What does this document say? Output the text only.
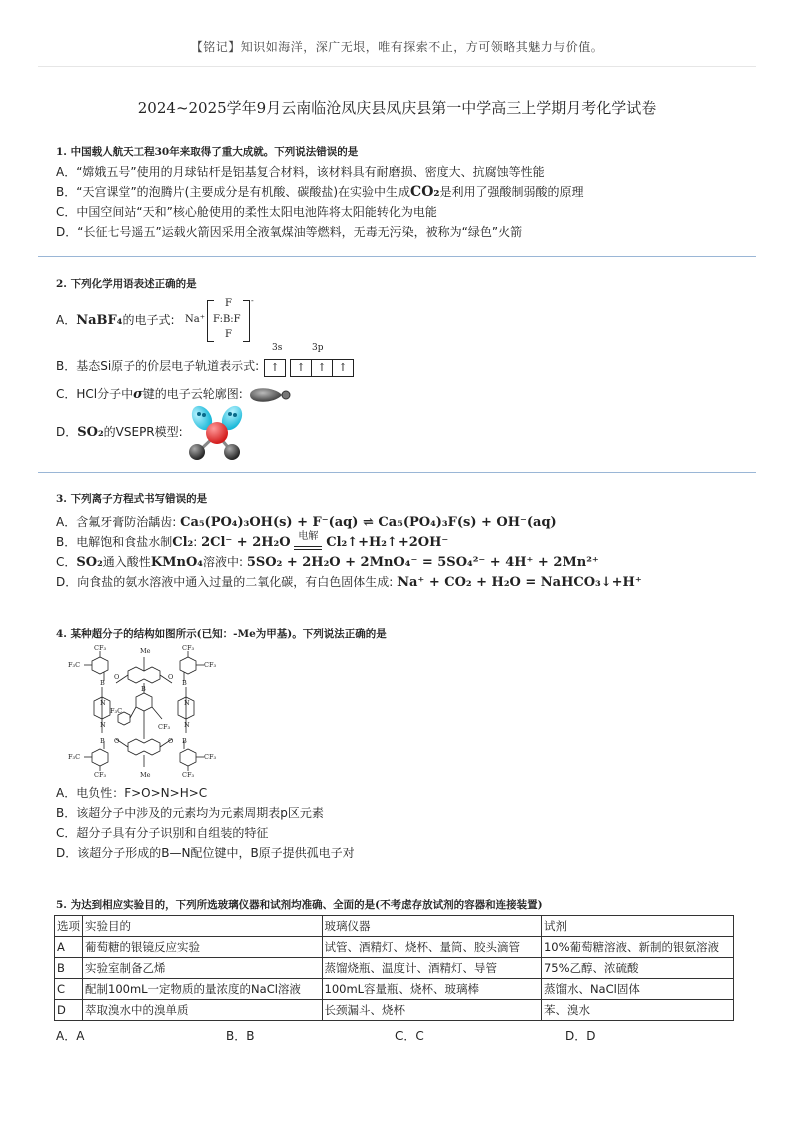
【铭记】知识如海洋，深广无垠，唯有探索不止，方可领略其魅力与价值。
2024~2025学年9月云南临沧凤庆县凤庆县第一中学高三上学期月考化学试卷
1. 中国载人航天工程30年来取得了重大成就。下列说法错误的是
A．“嫦娥五号”使用的月球钻杆是铝基复合材料，该材料具有耐磨损、密度大、抗腐蚀等性能
B．“天宫课堂”的泡腾片(主要成分是有机酸、碳酸盐)在实验中生成CO₂是利用了强酸制弱酸的原理
C．中国空间站“天和”核心舱使用的柔性太阳电池阵将太阳能转化为电能
D．“长征七号遥五”运载火箭因采用全液氧煤油等燃料，无毒无污染，被称为“绿色”火箭
2. 下列化学用语表述正确的是
A．NaBF₄的电子式: Na⁺
F
F:B:F
F
-
B．基态Si原子的价层电子轨道表示式:
3s	3p
↑ ↑ ↑ ↑
C．HCl分子中σ键的电子云轮廓图:
D．SO₂的VSEPR模型:
3. 下列离子方程式书写错误的是
A．含氟牙膏防治龋齿: Ca₅(PO₄)₃OH(s) + F⁻(aq) ⇌ Ca₅(PO₄)₃F(s) + OH⁻(aq)
B．电解饱和食盐水制Cl₂: 2Cl⁻ + 2H₂O 电解 Cl₂↑+H₂↑+2OH⁻
C．SO₂通入酸性KMnO₄溶液中: 5SO₂ + 2H₂O + 2MnO₄⁻ = 5SO₄²⁻ + 4H⁺ + 2Mn²⁺
D．向食盐的氨水溶液中通入过量的二氧化碳，有白色固体生成: Na⁺ + CO₂ + H₂O = NaHCO₃↓+H⁺
4. 某种超分子的结构如图所示(已知：-Me为甲基)。下列说法正确的是
CF₃	CF₃
F₃C	CF₃
Me
B	B
O	O
B
N
N
N
N
F₃C
CF₃
B	B
O	O
F₃C	CF₃
CF₃	CF₃
Me
A．电负性：F>O>N>H>C
B．该超分子中涉及的元素均为元素周期表p区元素
C．超分子具有分子识别和自组装的特征
D．该超分子形成的B—N配位键中，B原子提供孤电子对
5. 为达到相应实验目的，下列所选玻璃仪器和试剂均准确、全面的是(不考虑存放试剂的容器和连接装置)
选项	实验目的	玻璃仪器	试剂
A	葡萄糖的银镜反应实验	试管、酒精灯、烧杯、量筒、胶头滴管	10%葡萄糖溶液、新制的银氨溶液
B	实验室制备乙烯	蒸馏烧瓶、温度计、酒精灯、导管	75%乙醇、浓硫酸
C	配制100mL一定物质的量浓度的NaCl溶液	100mL容量瓶、烧杯、玻璃棒	蒸馏水、NaCl固体
D	萃取溴水中的溴单质	长颈漏斗、烧杯	苯、溴水
A．A	B．B	C．C	D．D
